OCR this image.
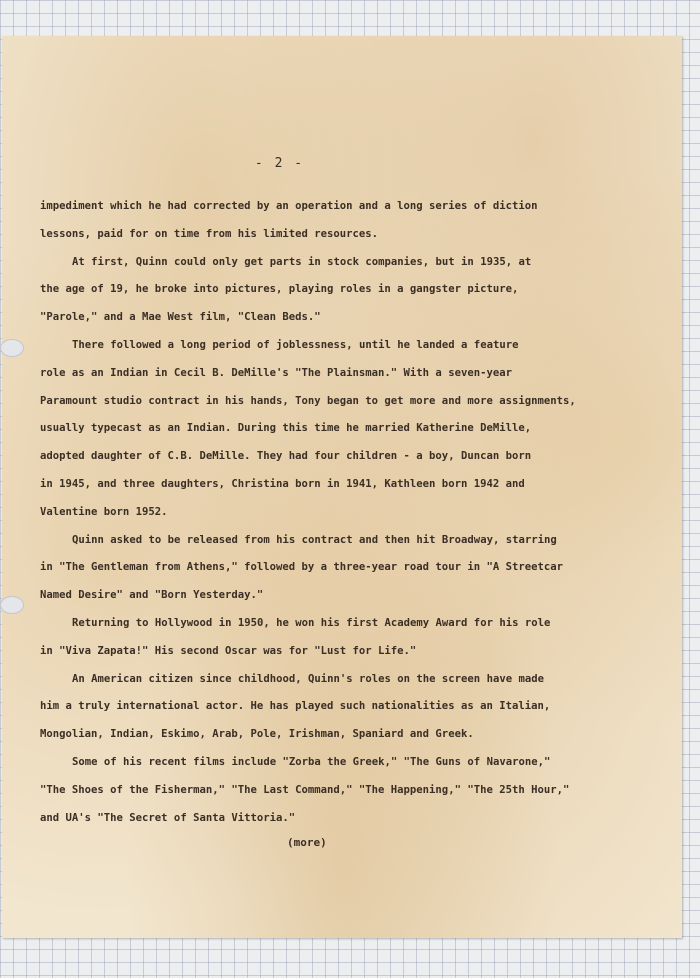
- 2 -
impediment which he had corrected by an operation and a long series of diction
lessons, paid for on time from his limited resources.
At first, Quinn could only get parts in stock companies, but in 1935, at
the age of 19, he broke into pictures, playing roles in a gangster picture,
"Parole," and a Mae West film, "Clean Beds."
There followed a long period of joblessness, until he landed a feature
role as an Indian in Cecil B. DeMille's "The Plainsman." With a seven-year
Paramount studio contract in his hands, Tony began to get more and more assignments,
usually typecast as an Indian. During this time he married Katherine DeMille,
adopted daughter of C.B. DeMille. They had four children - a boy, Duncan born
in 1945, and three daughters, Christina born in 1941, Kathleen born 1942 and
Valentine born 1952.
Quinn asked to be released from his contract and then hit Broadway, starring
in "The Gentleman from Athens," followed by a three-year road tour in "A Streetcar
Named Desire" and "Born Yesterday."
Returning to Hollywood in 1950, he won his first Academy Award for his role
in "Viva Zapata!" His second Oscar was for "Lust for Life."
An American citizen since childhood, Quinn's roles on the screen have made
him a truly international actor. He has played such nationalities as an Italian,
Mongolian, Indian, Eskimo, Arab, Pole, Irishman, Spaniard and Greek.
Some of his recent films include "Zorba the Greek," "The Guns of Navarone,"
"The Shoes of the Fisherman," "The Last Command," "The Happening," "The 25th Hour,"
and UA's "The Secret of Santa Vittoria."
(more)
